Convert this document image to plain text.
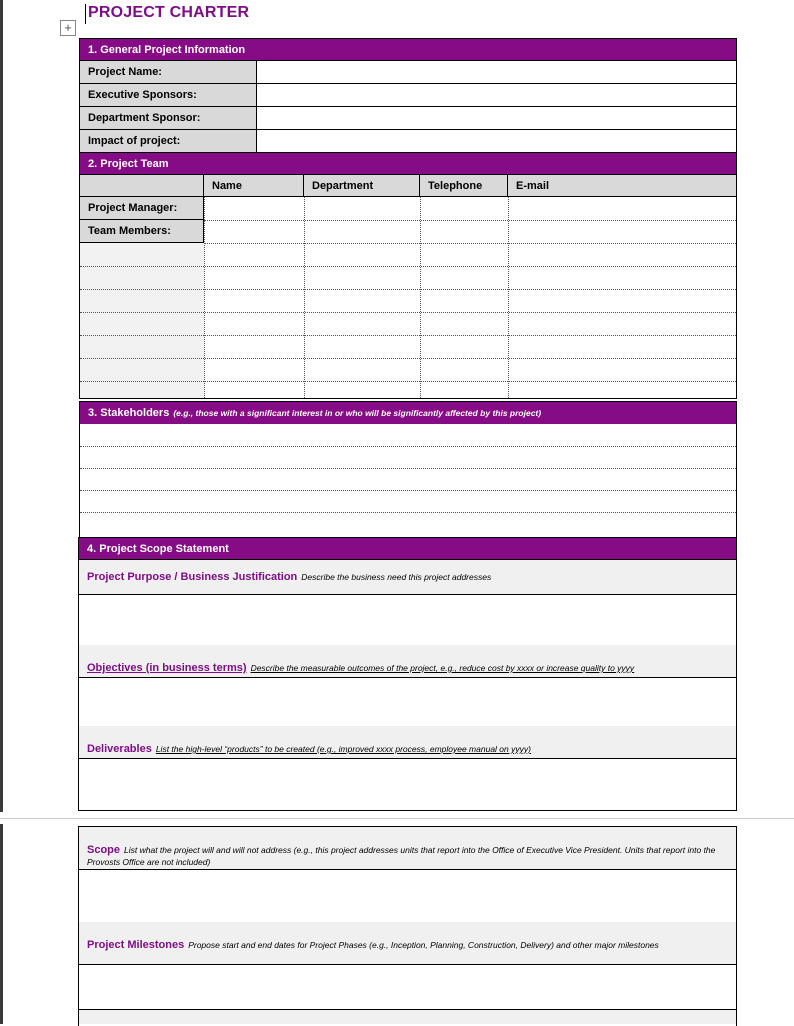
+
PROJECT CHARTER
1. General Project Information
Project Name:
Executive Sponsors:
Department Sponsor:
Impact of project:
2. Project Team
Name	Department	Telephone	E-mail
Project Manager:
Team Members:
3. Stakeholders (e.g., those with a significant interest in or who will be significantly affected by this project)
4. Project Scope Statement
Project Purpose / Business Justification Describe the business need this project addresses
Objectives (in business terms) Describe the measurable outcomes of the project, e.g., reduce cost by xxxx or increase quality to yyyy
Deliverables List the high-level “products” to be created (e.g., improved xxxx process, employee manual on yyyy)
Scope List what the project will and will not address (e.g., this project addresses units that report into the Office of Executive Vice President. Units that report into the Provosts Office are not included)
Project Milestones Propose start and end dates for Project Phases (e.g., Inception, Planning, Construction, Delivery) and other major milestones
